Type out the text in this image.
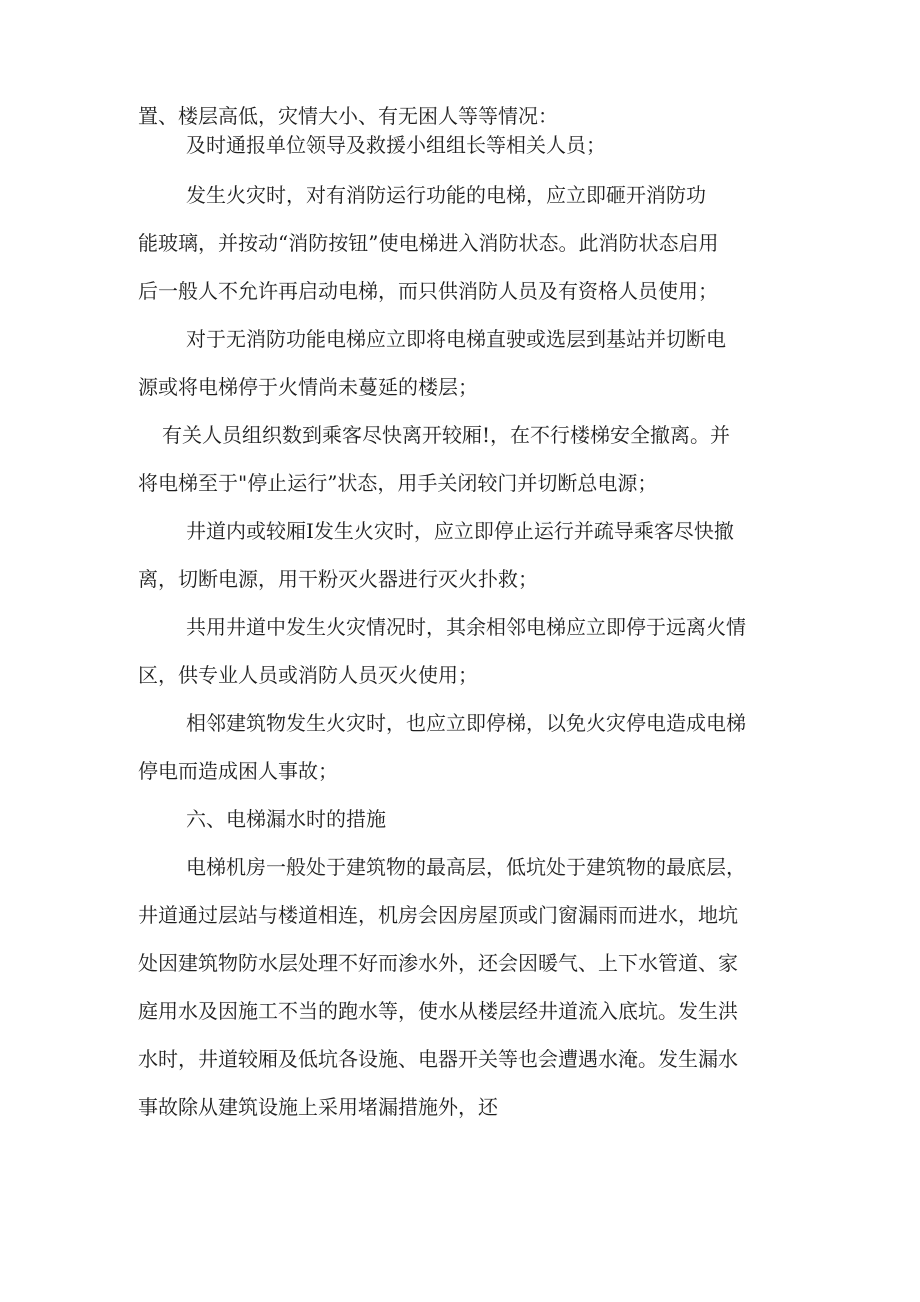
置、楼层高低，灾情大小、有无困人等等情况：

及时通报单位领导及救援小组组长等相关人员；

发生火灾时，对有消防运行功能的电梯，应立即砸开消防功

能玻璃，并按动“消防按钮”使电梯进入消防状态。此消防状态启用

后一般人不允许再启动电梯，而只供消防人员及有资格人员使用；

对于无消防功能电梯应立即将电梯直驶或选层到基站并切断电

源或将电梯停于火情尚未蔓延的楼层；

有关人员组织数到乘客尽快离开较厢!，在不行楼梯安全撤离。并

将电梯至于"停止运行”状态，用手关闭较门并切断总电源；

井道内或较厢Ⅰ发生火灾时，应立即停止运行并疏导乘客尽快撤

离，切断电源，用干粉灭火器进行灭火扑救；

共用井道中发生火灾情况时，其余相邻电梯应立即停于远离火情

区，供专业人员或消防人员灭火使用；

相邻建筑物发生火灾时，也应立即停梯，以免火灾停电造成电梯

停电而造成困人事故；

六、电梯漏水时的措施

电梯机房一般处于建筑物的最高层，低坑处于建筑物的最底层，

井道通过层站与楼道相连，机房会因房屋顶或门窗漏雨而进水，地坑

处因建筑物防水层处理不好而渗水外，还会因暖气、上下水管道、家

庭用水及因施工不当的跑水等，使水从楼层经井道流入底坑。发生洪

水时，井道较厢及低坑各设施、电器开关等也会遭遇水淹。发生漏水

事故除从建筑设施上采用堵漏措施外，还
